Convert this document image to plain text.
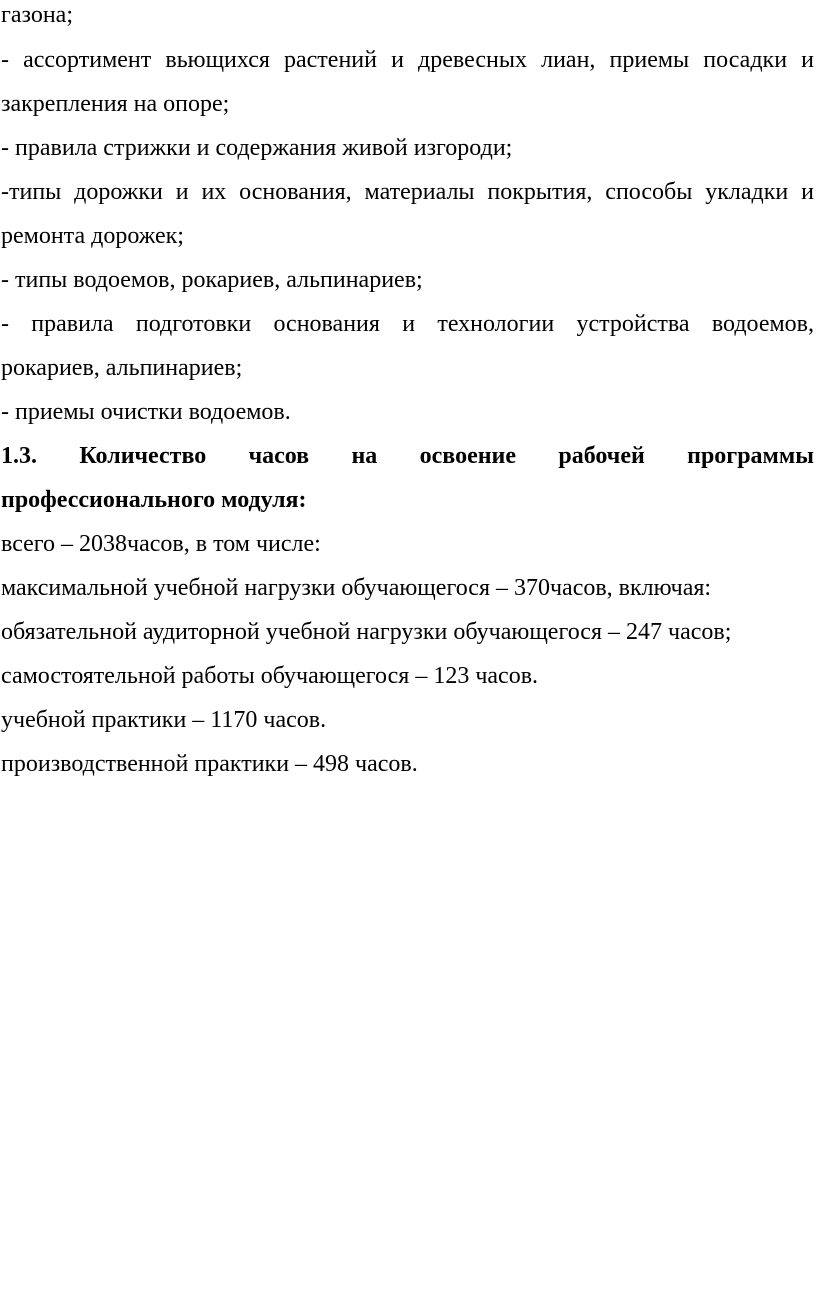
газона;
- ассортимент вьющихся растений и древесных лиан, приемы посадки и
закрепления на опоре;
- правила стрижки и содержания живой изгороди;
-типы дорожки и их основания, материалы покрытия, способы укладки и
ремонта дорожек;
- типы водоемов, рокариев, альпинариев;
- правила подготовки основания и технологии устройства водоемов,
рокариев, альпинариев;
- приемы очистки водоемов.
1.3. Количество часов на освоение рабочей программы
профессионального модуля:
всего – 2038часов, в том числе:
максимальной учебной нагрузки обучающегося – 370часов, включая:
обязательной аудиторной учебной нагрузки обучающегося – 247 часов;
самостоятельной работы обучающегося – 123 часов.
учебной практики – 1170 часов.
производственной практики – 498 часов.
